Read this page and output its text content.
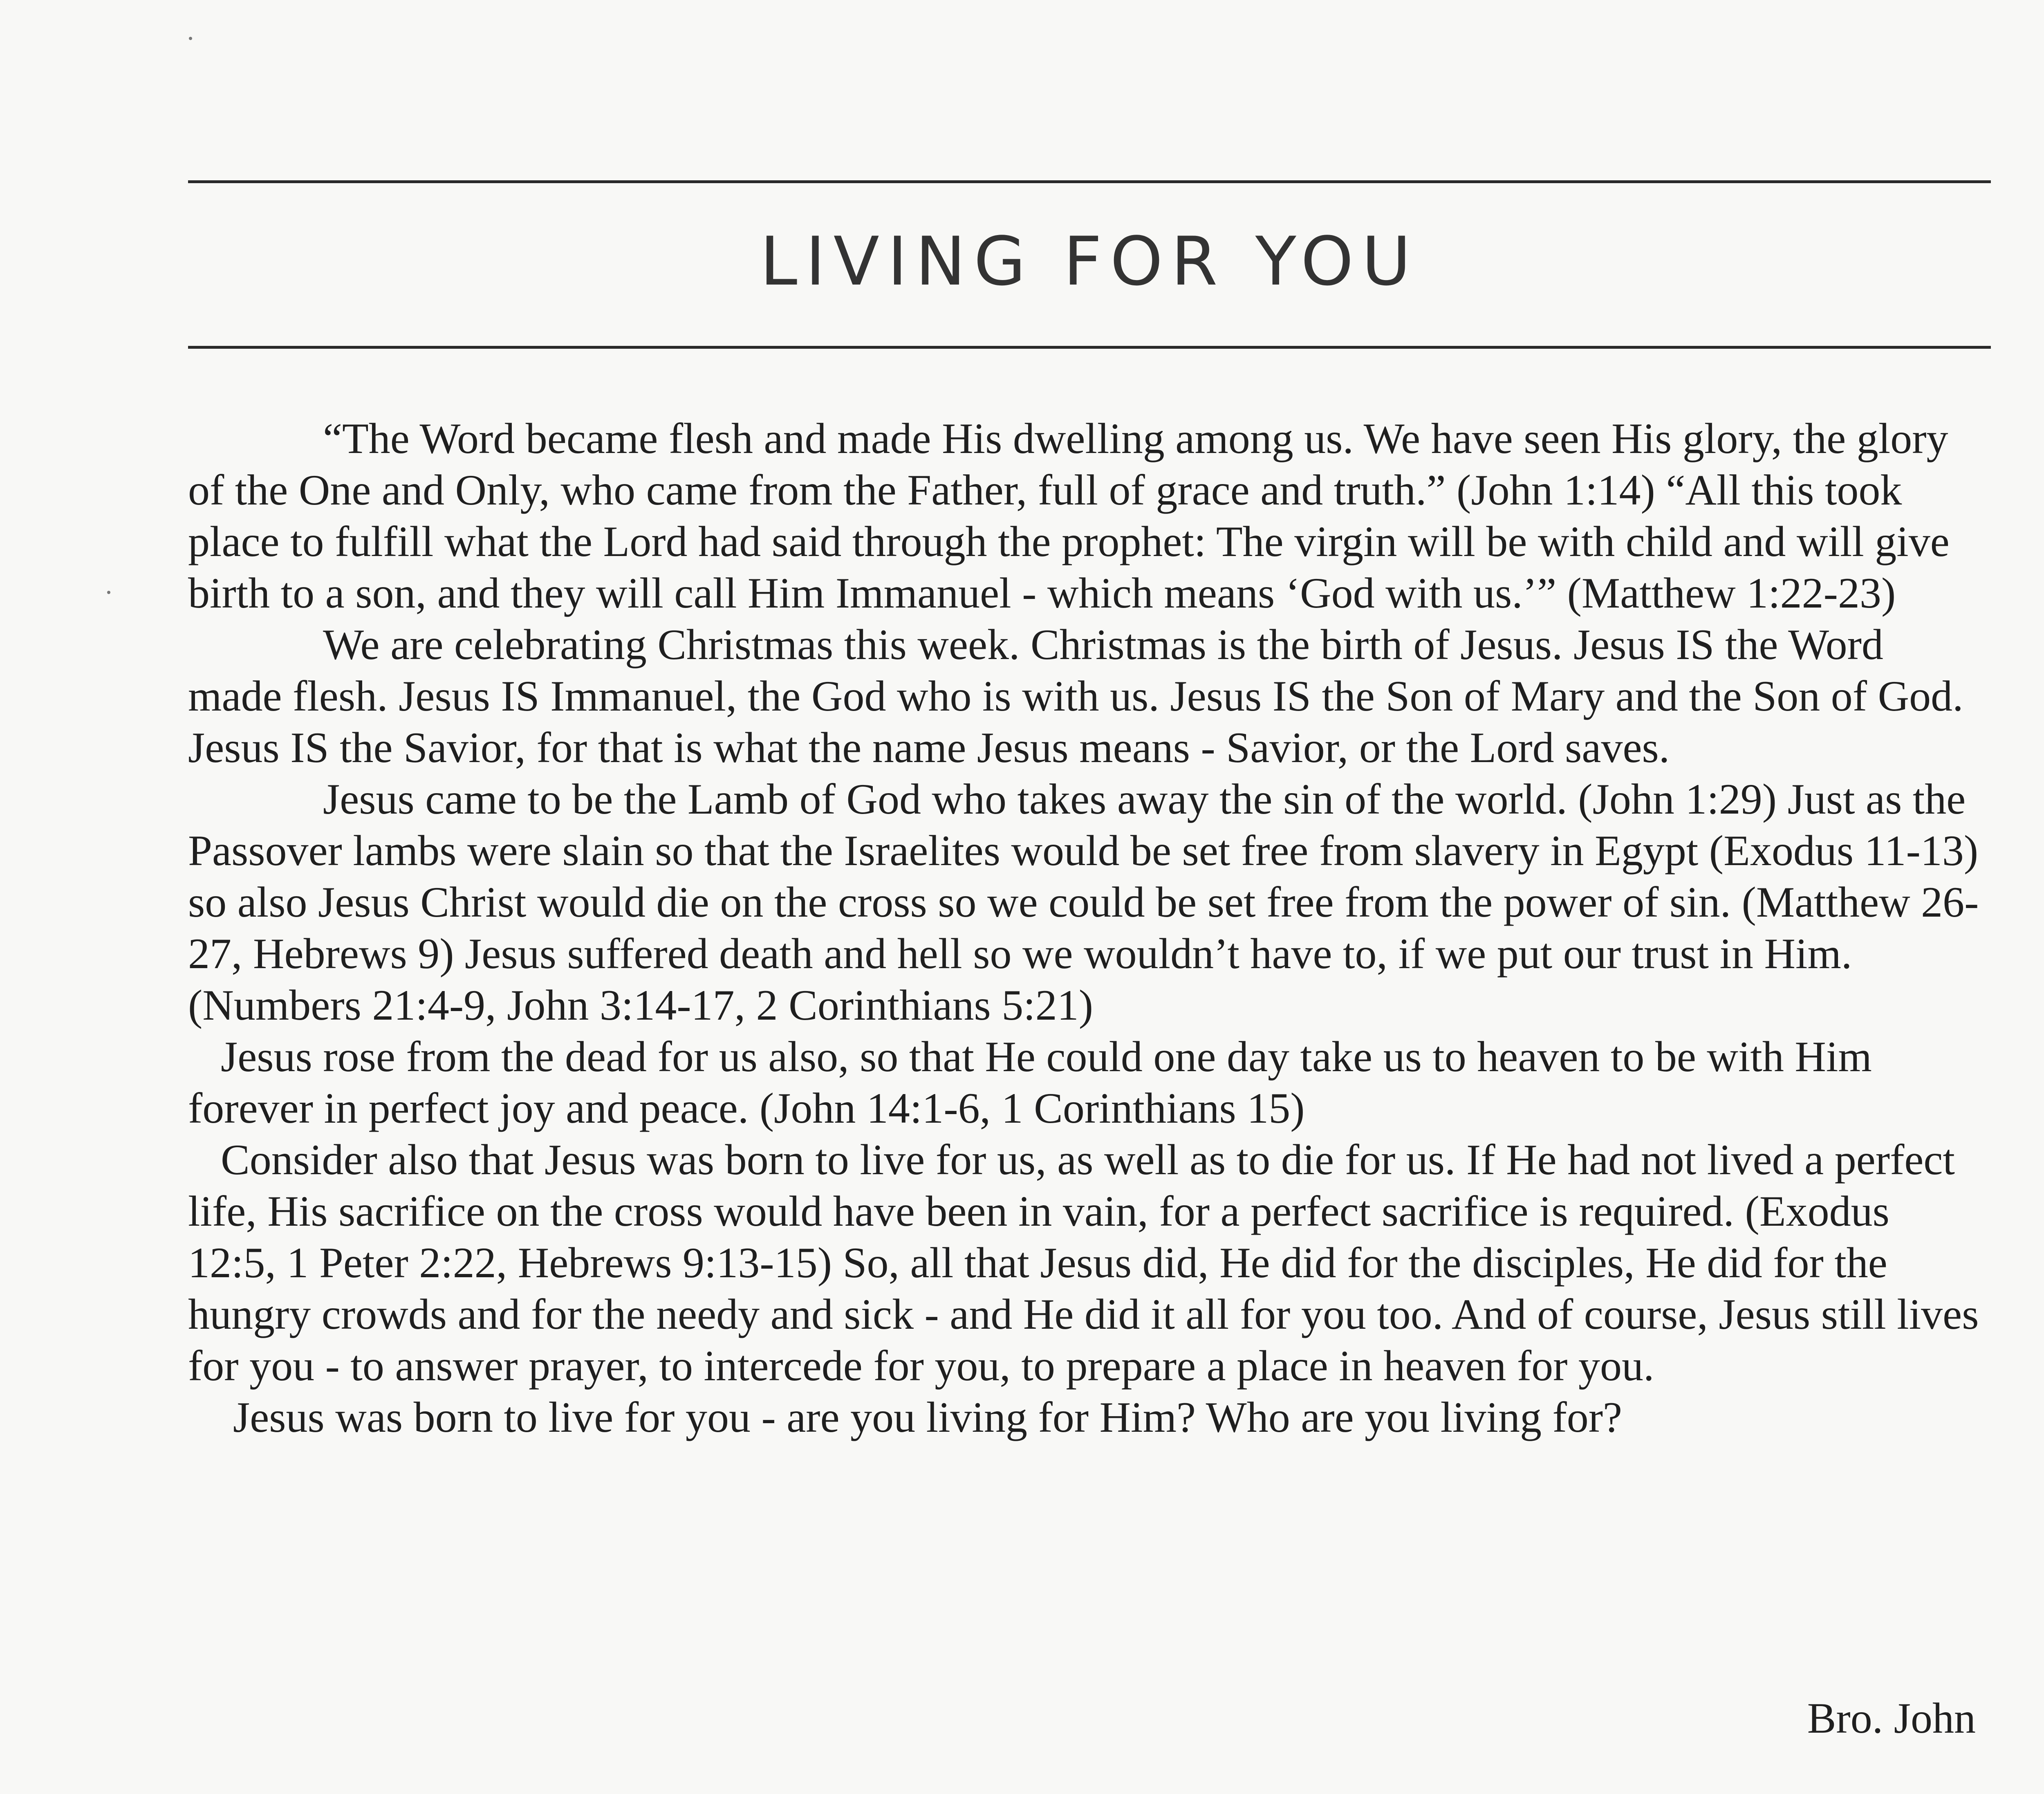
LIVING FOR YOU

“The Word became flesh and made His dwelling among us. We have seen His glory, the glory of the One and Only, who came from the Father, full of grace and truth.” (John 1:14) “All this took place to fulfill what the Lord had said through the prophet: The virgin will be with child and will give birth to a son, and they will call Him Immanuel - which means ‘God with us.’” (Matthew 1:22-23)

We are celebrating Christmas this week. Christmas is the birth of Jesus. Jesus IS the Word made flesh. Jesus IS Immanuel, the God who is with us. Jesus IS the Son of Mary and the Son of God. Jesus IS the Savior, for that is what the name Jesus means - Savior, or the Lord saves.

Jesus came to be the Lamb of God who takes away the sin of the world. (John 1:29) Just as the Passover lambs were slain so that the Israelites would be set free from slavery in Egypt (Exodus 11-13) so also Jesus Christ would die on the cross so we could be set free from the power of sin. (Matthew 26-27, Hebrews 9) Jesus suffered death and hell so we wouldn’t have to, if we put our trust in Him. (Numbers 21:4-9, John 3:14-17, 2 Corinthians 5:21)

Jesus rose from the dead for us also, so that He could one day take us to heaven to be with Him forever in perfect joy and peace. (John 14:1-6, 1 Corinthians 15)

Consider also that Jesus was born to live for us, as well as to die for us. If He had not lived a perfect life, His sacrifice on the cross would have been in vain, for a perfect sacrifice is required. (Exodus 12:5, 1 Peter 2:22, Hebrews 9:13-15) So, all that Jesus did, He did for the disciples, He did for the hungry crowds and for the needy and sick - and He did it all for you too. And of course, Jesus still lives for you - to answer prayer, to intercede for you, to prepare a place in heaven for you.

Jesus was born to live for you - are you living for Him? Who are you living for?

Bro. John
